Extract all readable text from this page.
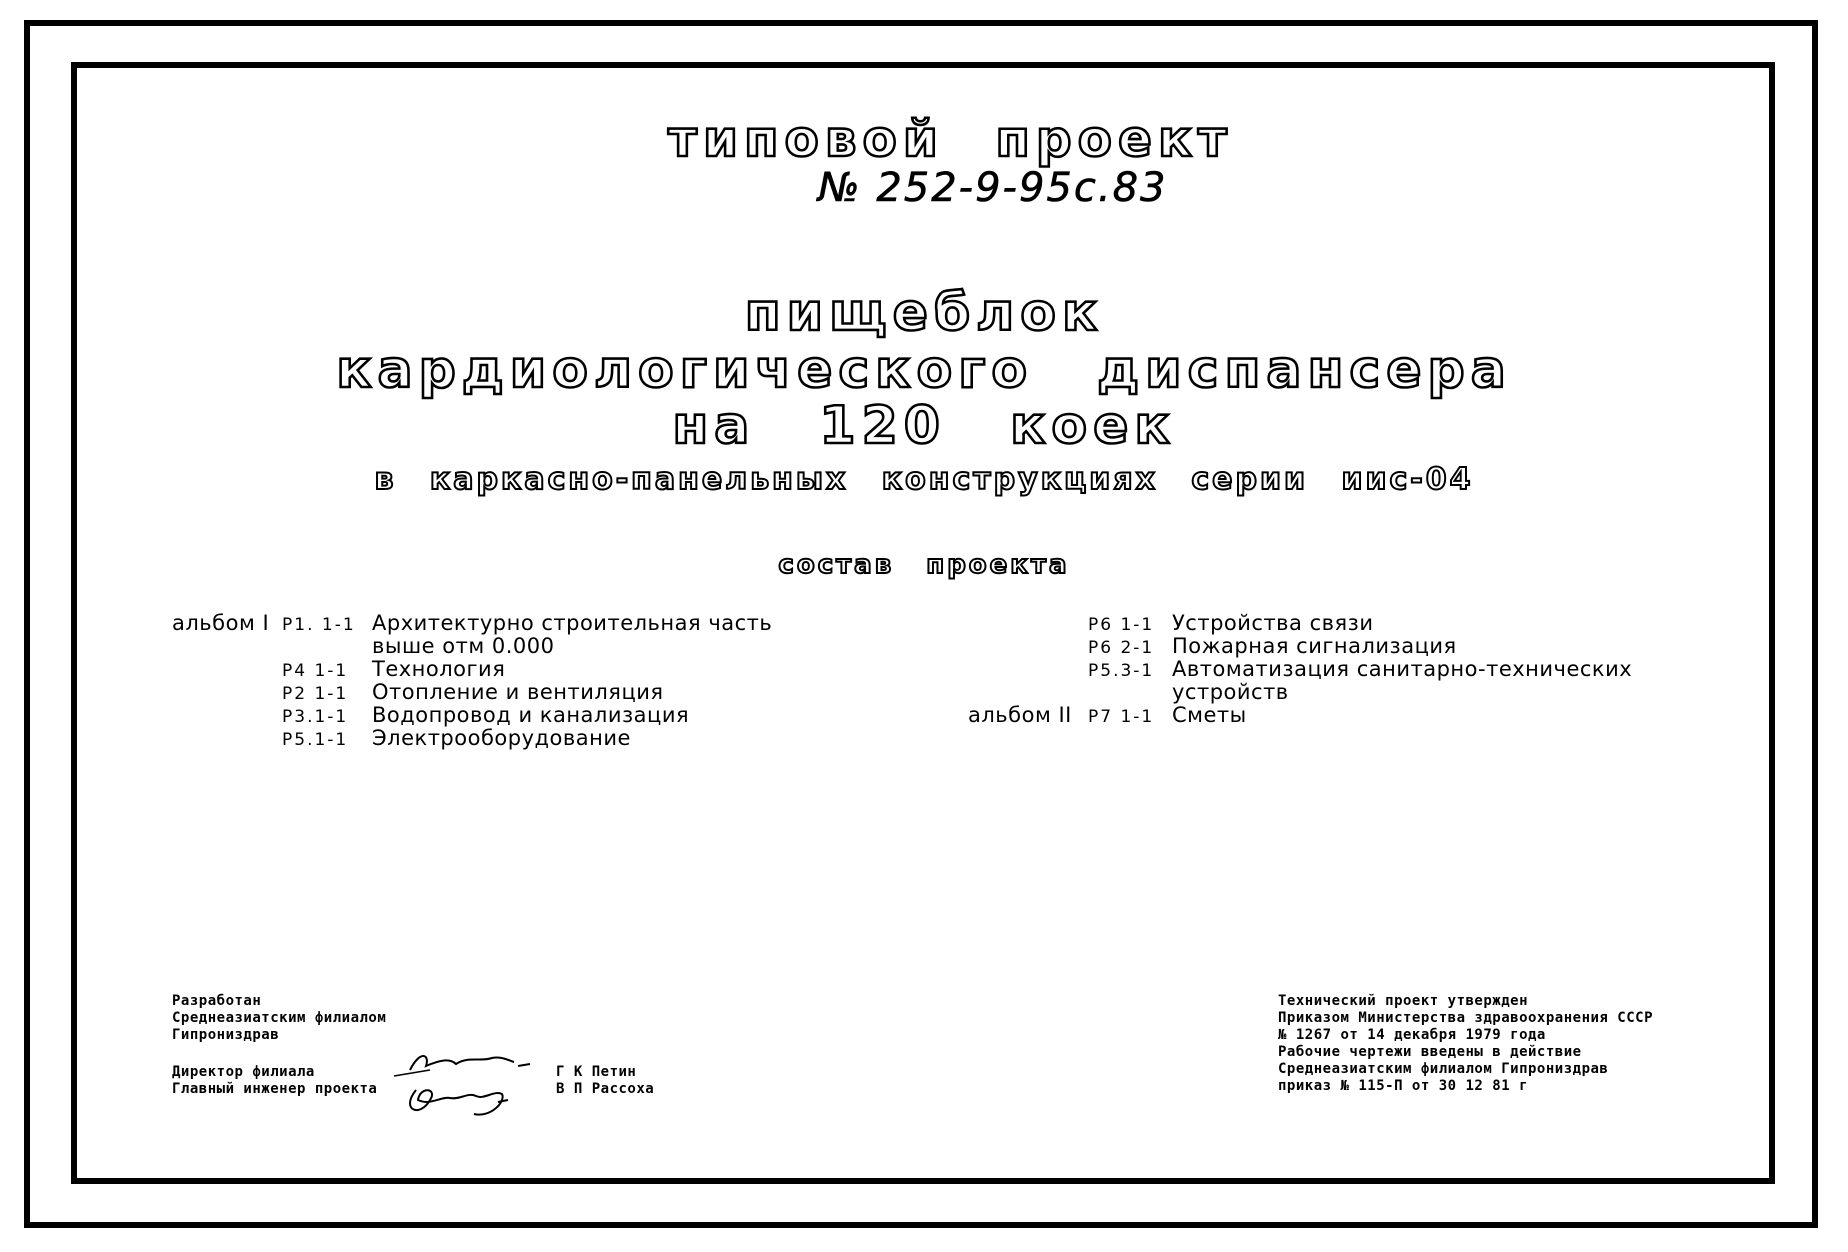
типовой проект
№ 252-9-95с.83
пищеблок
кардиологического диспансера
на 120 коек
в каркасно-панельных конструкциях серии иис-04
состав проекта
альбом I Р1. 1-1 Архитектурно строительная часть
выше отм 0.000
Р4 1-1 Технология
Р2 1-1 Отопление и вентиляция
Р3.1-1 Водопровод и канализация
Р5.1-1 Электрооборудование
Р6 1-1 Устройства связи
Р6 2-1 Пожарная сигнализация
Р5.3-1 Автоматизация санитарно-технических
устройств
альбом II Р7 1-1 Сметы
Разработан
Среднеазиатским филиалом
Гипрониздрав
Директор филиала
Главный инженер проекта
Г К Петин
В П Рассоха
Технический проект утвержден
Приказом Министерства здравоохранения СССР
№ 1267 от 14 декабря 1979 года
Рабочие чертежи введены в действие
Среднеазиатским филиалом Гипрониздрав
приказ № 115-П от 30 12 81 г
